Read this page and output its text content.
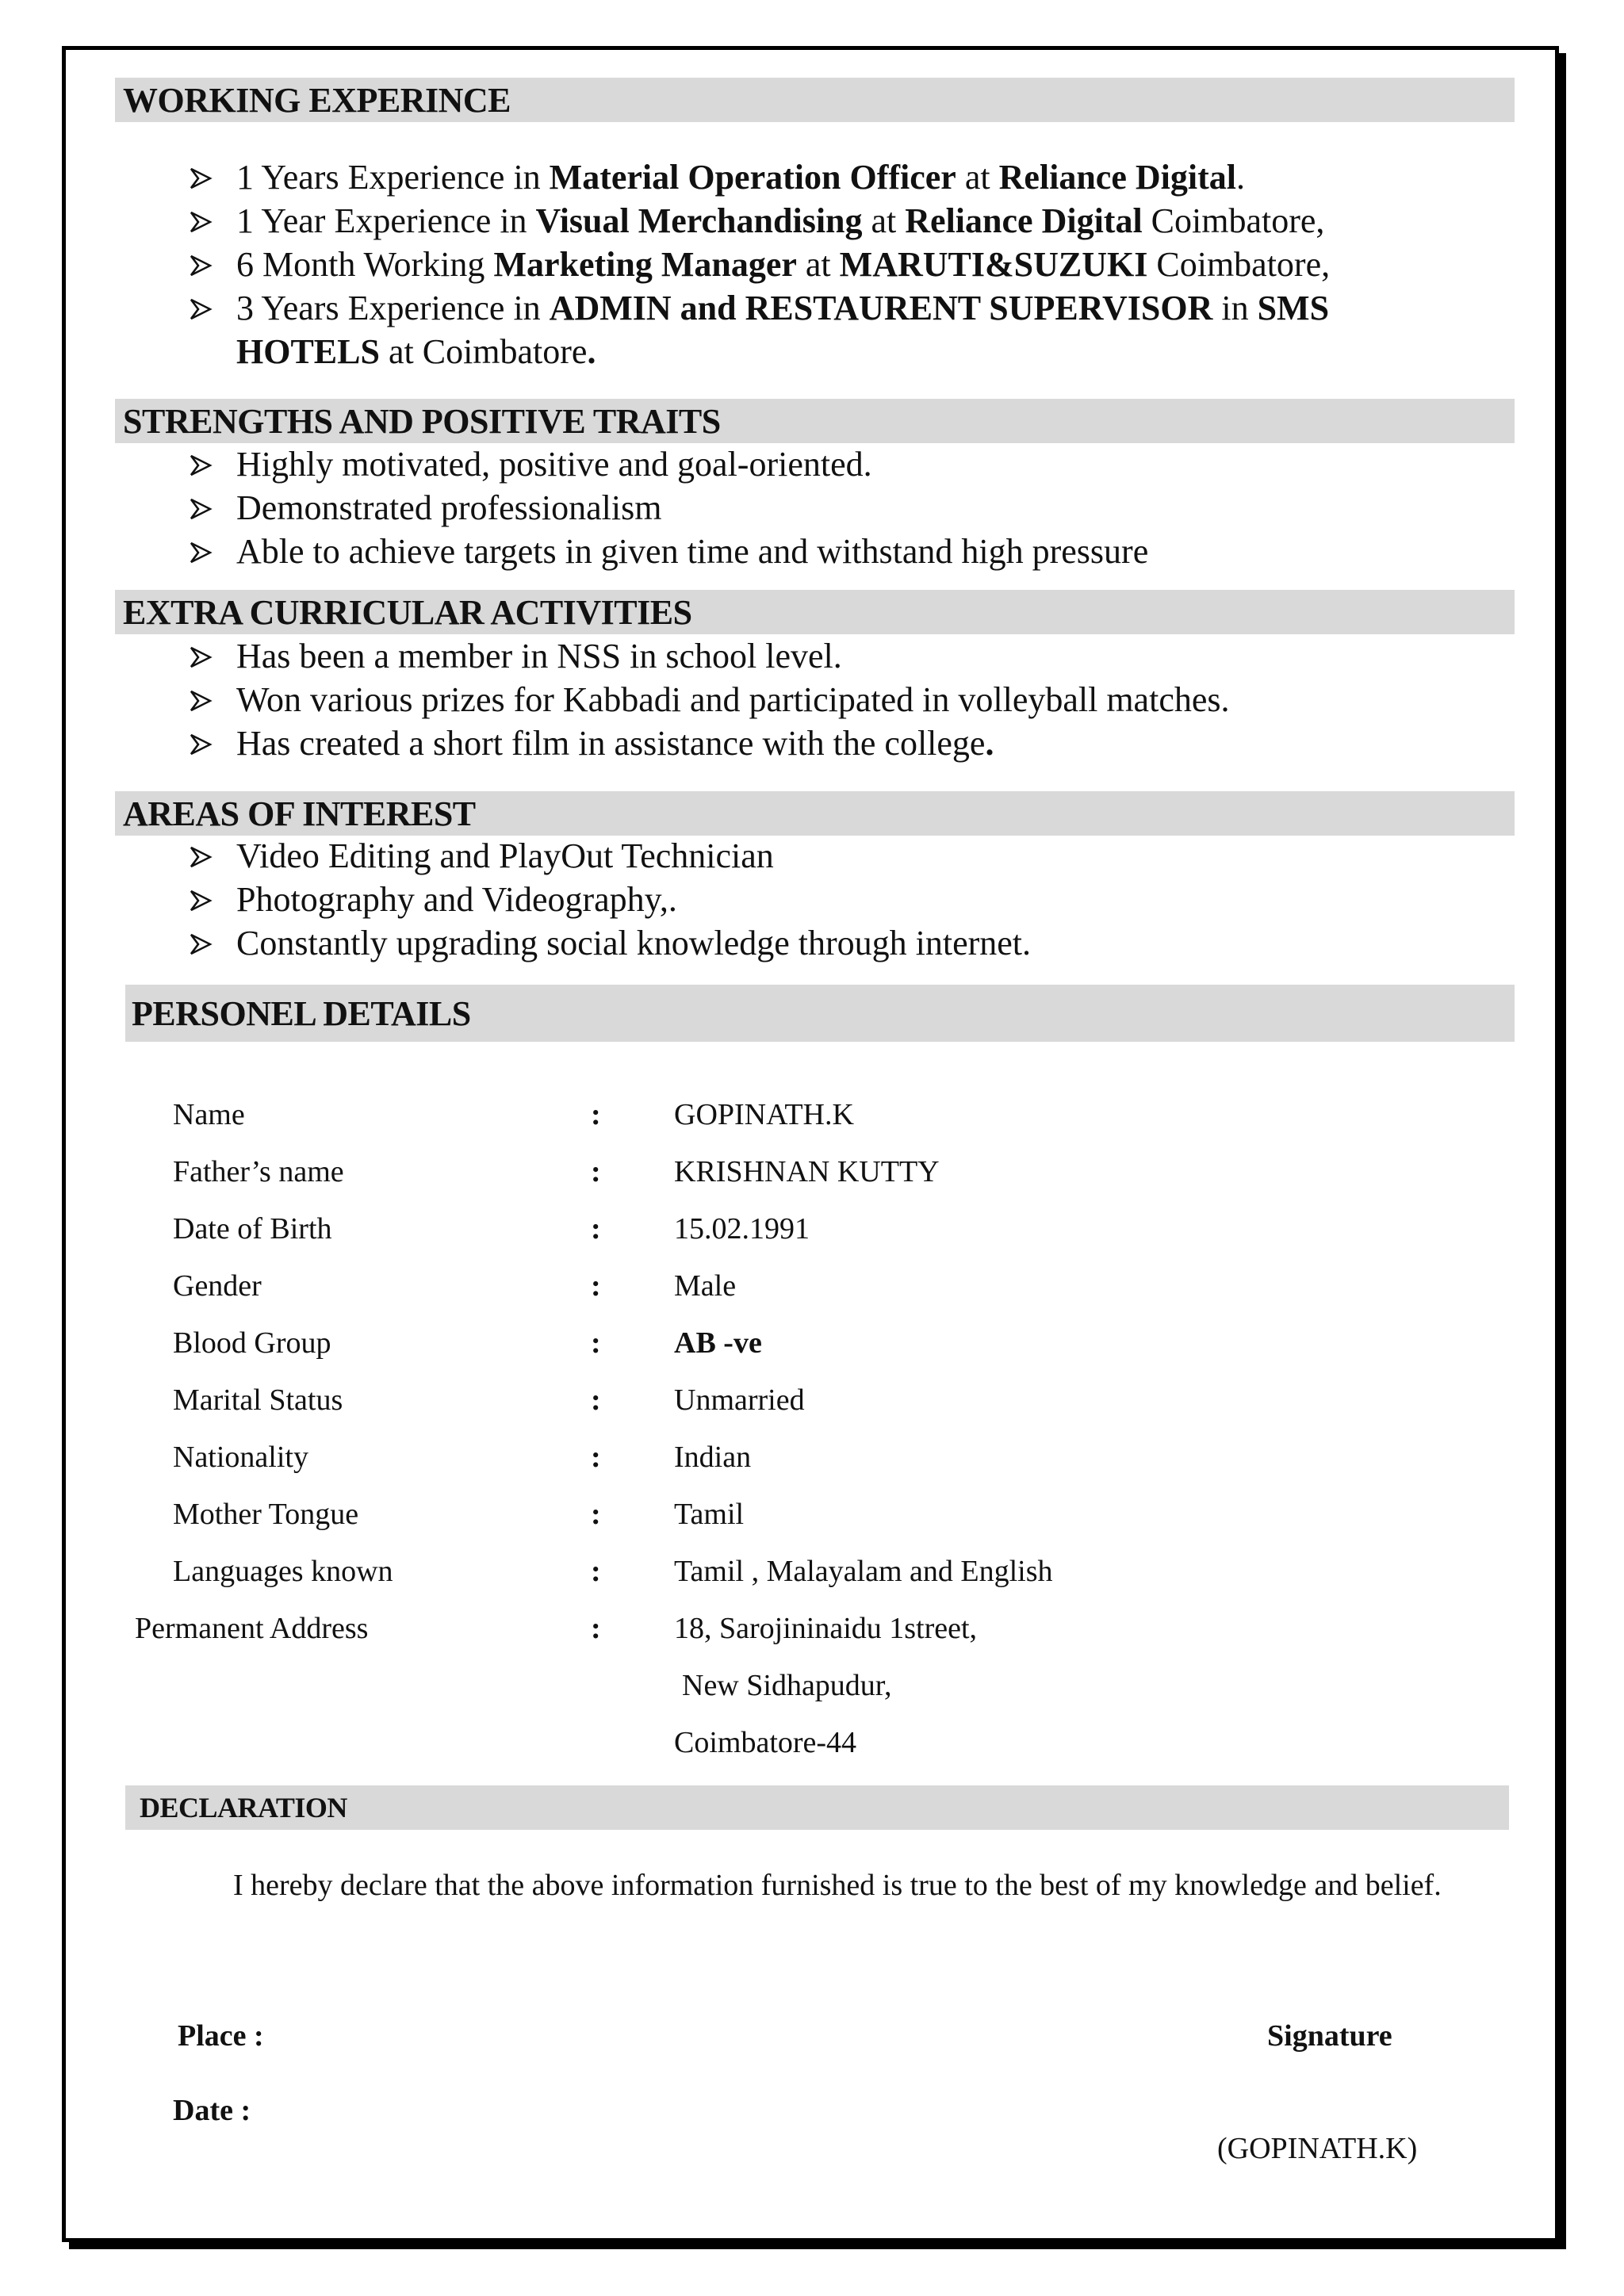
WORKING EXPERINCE
1 Years Experience in Material Operation Officer at Reliance Digital.
1 Year Experience in Visual Merchandising at Reliance Digital Coimbatore,
6 Month Working Marketing Manager at MARUTI&SUZUKI Coimbatore,
3 Years Experience in ADMIN and RESTAURENT SUPERVISOR in SMS HOTELS at Coimbatore.
STRENGTHS AND POSITIVE TRAITS
Highly motivated, positive and goal-oriented.
Demonstrated professionalism
Able to achieve targets in given time and withstand high pressure
EXTRA CURRICULAR ACTIVITIES
Has been a member in NSS in school level.
Won various prizes for Kabbadi and participated in volleyball matches.
Has created a short film in assistance with the college.
AREAS OF INTEREST
Video Editing and PlayOut Technician
Photography and Videography,.
Constantly upgrading social knowledge through internet.
PERSONEL DETAILS
Name	: GOPINATH.K
Father’s name	: KRISHNAN KUTTY
Date of Birth	: 15.02.1991
Gender	: Male
Blood Group	: AB -ve
Marital Status	: Unmarried
Nationality	: Indian
Mother Tongue	: Tamil
Languages known	: Tamil , Malayalam and English
Permanent Address	: 18, Sarojininaidu 1street,
New Sidhapudur,
Coimbatore-44
DECLARATION
I hereby declare that the above information furnished is true to the best of my knowledge and belief.
Place :
Date :
Signature
(GOPINATH.K)
